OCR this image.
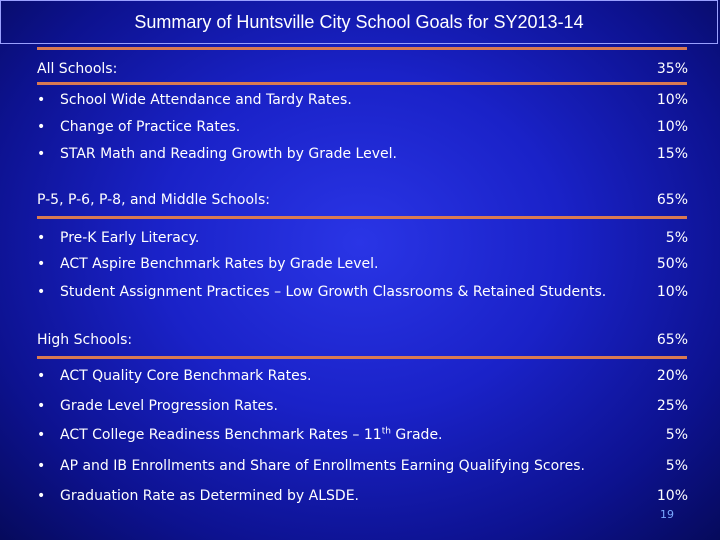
Summary of Huntsville City School Goals for SY2013-14
All Schools:	35%
• School Wide Attendance and Tardy Rates.	10%
• Change of Practice Rates.	10%
• STAR Math and Reading Growth by Grade Level.	15%
P-5, P-6, P-8, and Middle Schools:	65%
• Pre-K Early Literacy.	5%
• ACT Aspire Benchmark Rates by Grade Level.	50%
• Student Assignment Practices – Low Growth Classrooms & Retained Students.	10%
High Schools:	65%
• ACT Quality Core Benchmark Rates.	20%
• Grade Level Progression Rates.	25%
• ACT College Readiness Benchmark Rates – 11th Grade.	5%
• AP and IB Enrollments and Share of Enrollments Earning Qualifying Scores.	5%
• Graduation Rate as Determined by ALSDE.	10%
19
